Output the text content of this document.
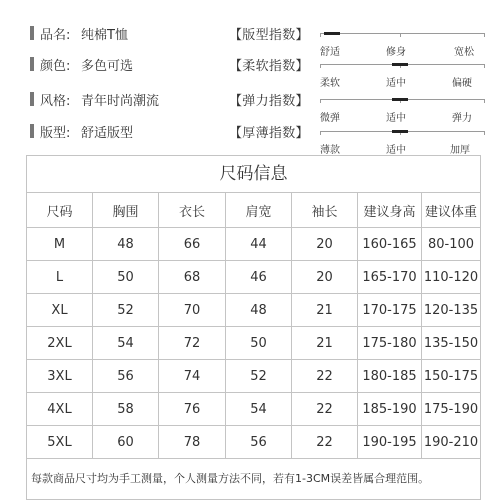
品名: 纯棉T恤	【版型指数】
舒适	修身	宽松
颜色: 多色可选	【柔软指数】
柔软	适中	偏硬
风格: 青年时尚潮流	【弹力指数】
微弹	适中	弹力
版型: 舒适版型	【厚薄指数】
薄款	适中	加厚
尺码信息
尺码	胸围	衣长	肩宽	袖长	建议身高 建议体重
M	48	66	44	20	160-165 80-100
L	50	68	46	20	165-170 110-120
XL	52	70	48	21	170-175 120-135
2XL	54	72	50	21	175-180 135-150
3XL	56	74	52	22	180-185 150-175
4XL	58	76	54	22	185-190 175-190
5XL	60	78	56	22	190-195 190-210
每款商品尺寸均为手工测量，个人测量方法不同，若有1-3CM误差皆属合理范围。
